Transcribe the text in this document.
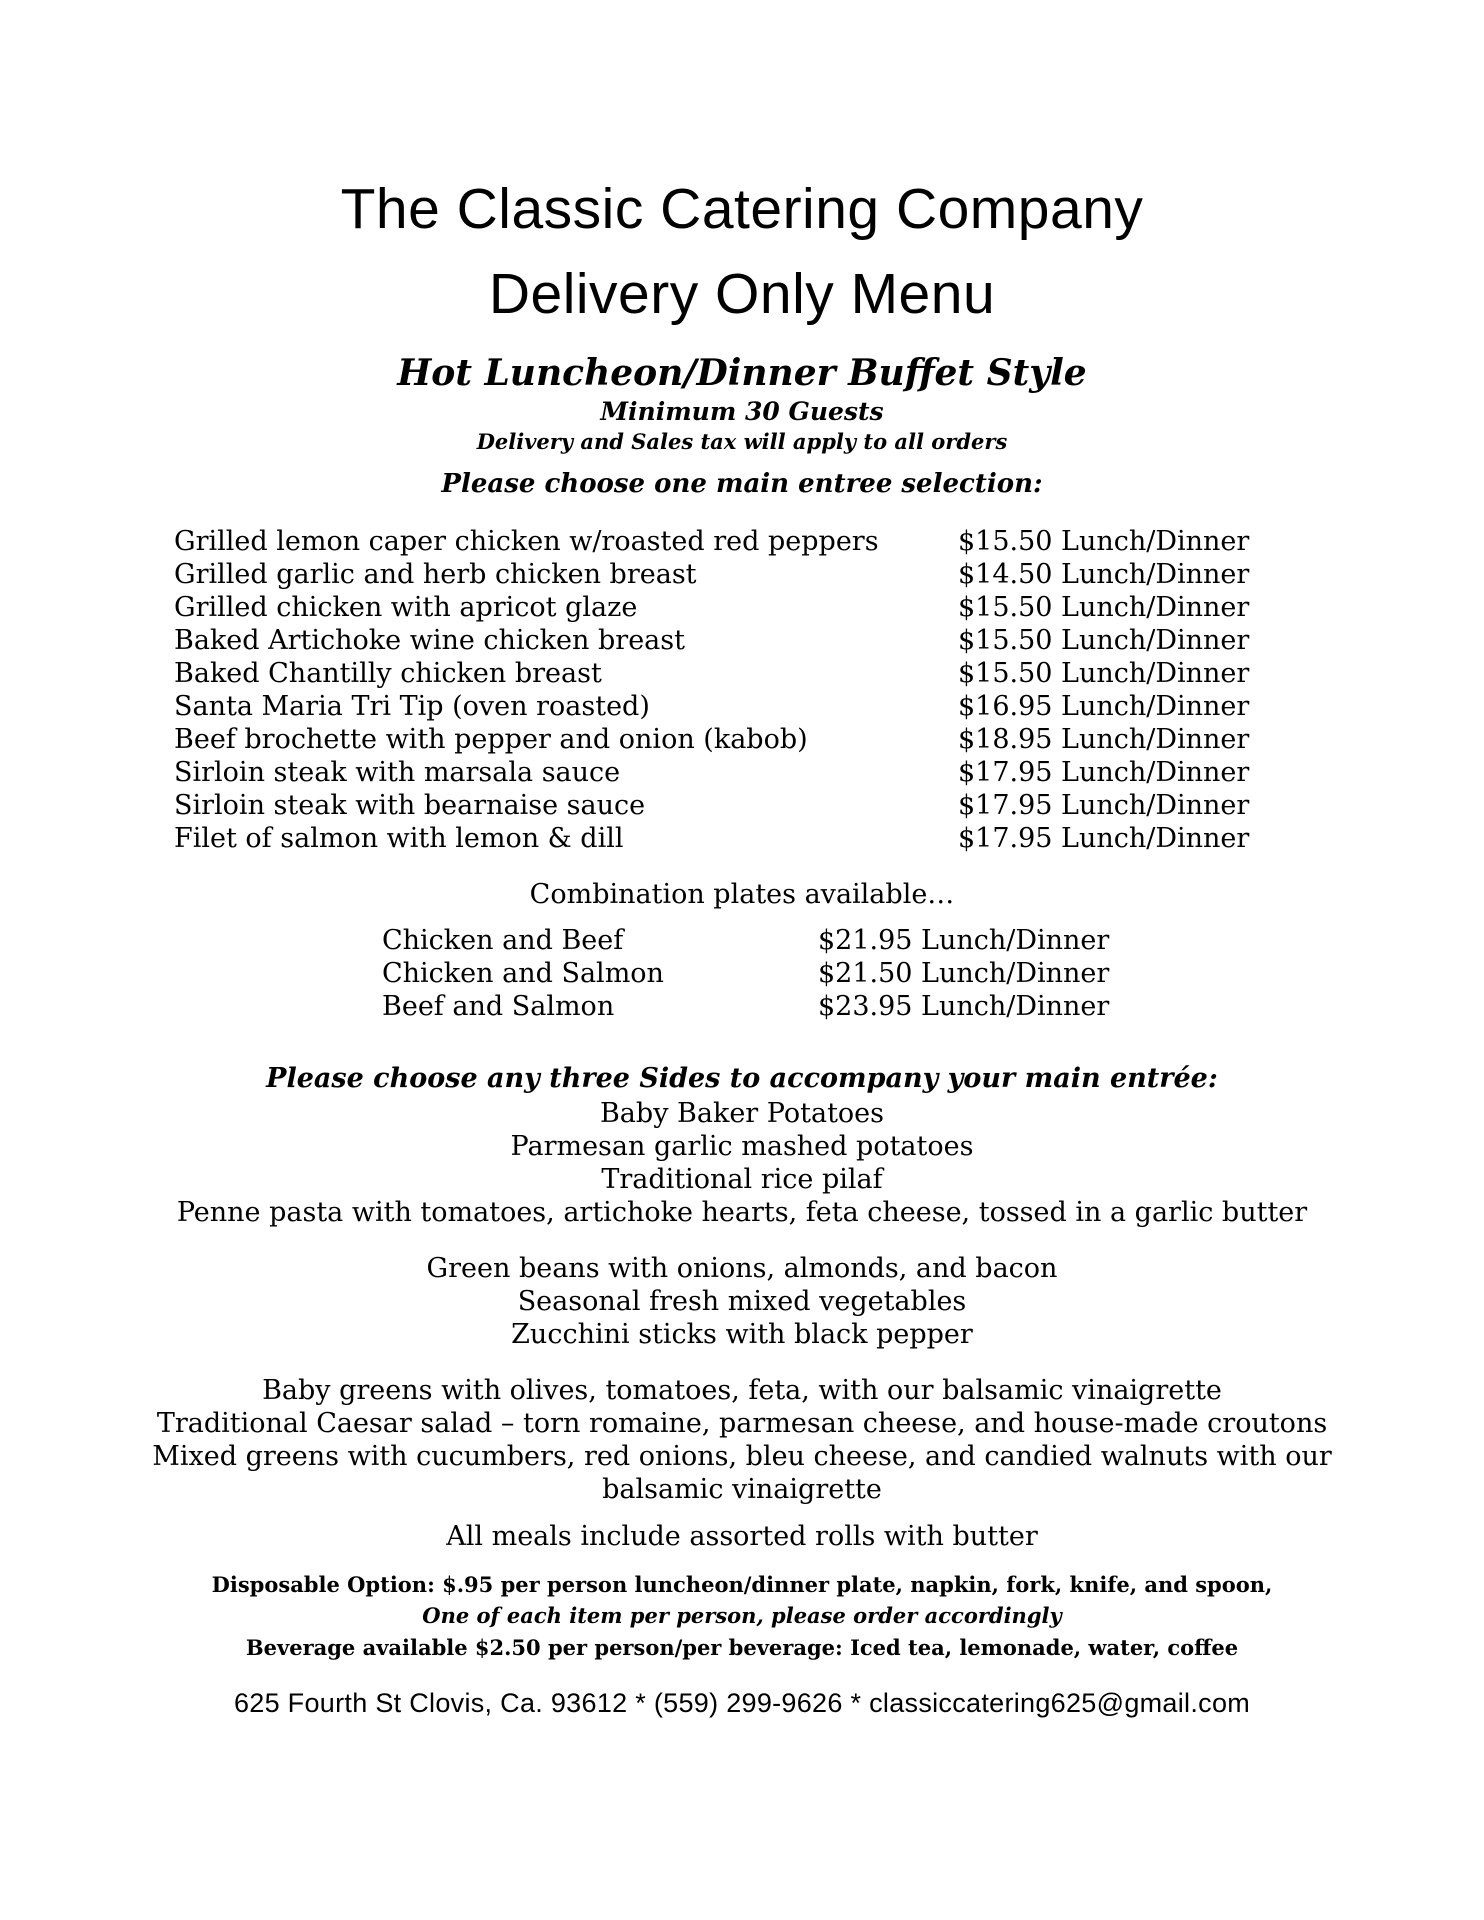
The Classic Catering Company
Delivery Only Menu
Hot Luncheon/Dinner Buffet Style
Minimum 30 Guests
Delivery and Sales tax will apply to all orders
Please choose one main entree selection:
Grilled lemon caper chicken w/roasted red peppers	$15.50 Lunch/Dinner
Grilled garlic and herb chicken breast	$14.50 Lunch/Dinner
Grilled chicken with apricot glaze	$15.50 Lunch/Dinner
Baked Artichoke wine chicken breast	$15.50 Lunch/Dinner
Baked Chantilly chicken breast	$15.50 Lunch/Dinner
Santa Maria Tri Tip (oven roasted)	$16.95 Lunch/Dinner
Beef brochette with pepper and onion (kabob)	$18.95 Lunch/Dinner
Sirloin steak with marsala sauce	$17.95 Lunch/Dinner
Sirloin steak with bearnaise sauce	$17.95 Lunch/Dinner
Filet of salmon with lemon & dill	$17.95 Lunch/Dinner
Combination plates available…
Chicken and Beef	$21.95 Lunch/Dinner
Chicken and Salmon	$21.50 Lunch/Dinner
Beef and Salmon	$23.95 Lunch/Dinner
Please choose any three Sides to accompany your main entrée:
Baby Baker Potatoes
Parmesan garlic mashed potatoes
Traditional rice pilaf
Penne pasta with tomatoes, artichoke hearts, feta cheese, tossed in a garlic butter
Green beans with onions, almonds, and bacon
Seasonal fresh mixed vegetables
Zucchini sticks with black pepper
Baby greens with olives, tomatoes, feta, with our balsamic vinaigrette
Traditional Caesar salad – torn romaine, parmesan cheese, and house-made croutons
Mixed greens with cucumbers, red onions, bleu cheese, and candied walnuts with our
balsamic vinaigrette
All meals include assorted rolls with butter
Disposable Option: $.95 per person luncheon/dinner plate, napkin, fork, knife, and spoon,
One of each item per person, please order accordingly
Beverage available $2.50 per person/per beverage: Iced tea, lemonade, water, coffee
625 Fourth St Clovis, Ca. 93612 * (559) 299-9626 * classiccatering625@gmail.com
